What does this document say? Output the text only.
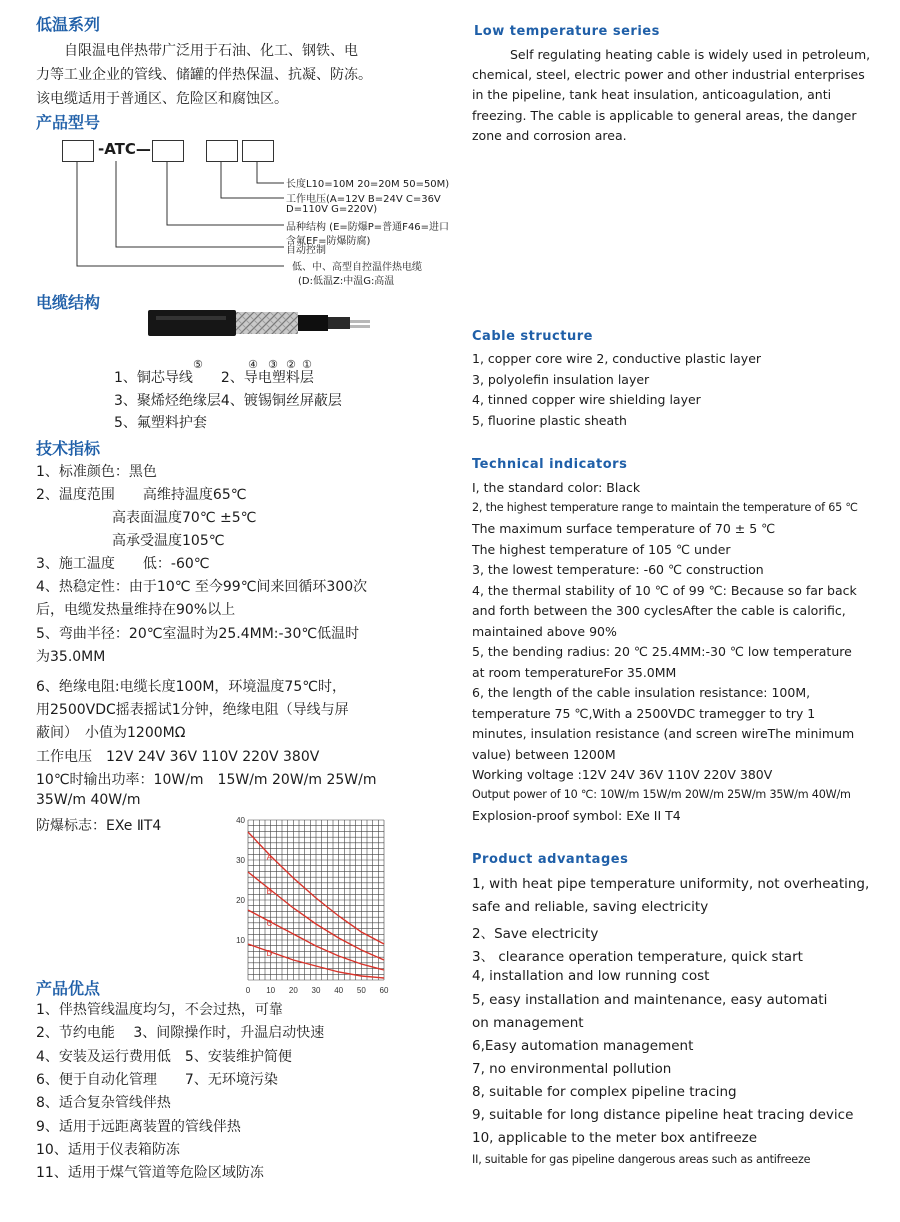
低温系列
自限温电伴热带广泛用于石油、化工、钢铁、电
力等工业企业的管线、储罐的伴热保温、抗凝、防冻。
该电缆适用于普通区、危险区和腐蚀区。
产品型号
-ATC—
长度L10=10M 20=20M 50=50M)
工作电压(A=12V B=24V C=36V
D=110V G=220V)
品种结构 (E=防爆P=普通F46=进口
含氟EF=防爆防腐)
自动控制
低、中、高型自控温伴热电缆
(D:低温Z:中温G:高温
电缆结构
⑤	④ ③ ② ①
1、铜芯导线　　2、导电塑料层
3、聚烯烃绝缘层4、镀锡铜丝屏蔽层
5、氟塑料护套
技术指标
1、标准颜色：黑色
2、温度范围　　高维持温度65℃
　　高表面温度70℃ ±5℃
　　高承受温度105℃
3、施工温度　　低：-60℃
4、热稳定性：由于10℃ 至今99℃间来回循环300次
后，电缆发热量维持在90%以上
5、弯曲半径：20℃室温时为25.4MM:-30℃低温时
为35.0MM
6、绝缘电阻:电缆长度100M，环境温度75℃时，
用2500VDC摇表摇试1分钟，绝缘电阻（导线与屏
蔽间）　小值为1200MΩ
工作电压　12V 24V 36V 110V 220V 380V
10℃时输出功率：10W/m　15W/m 20W/m 25W/m
35W/m 40W/m
防爆标志：EXe ⅡT4
0 10 20 30 40 50 60
10
20
30
40
A
B
C
D
产品优点
1、伴热管线温度均匀，不会过热，可靠
2、节约电能　 3、间隙操作时，升温启动快速
4、安装及运行费用低　5、安装维护简便
6、便于自动化管理　　7、无环境污染
8、适合复杂管线伴热
9、适用于远距离装置的管线伴热
10、适用于仪表箱防冻
11、适用于煤气管道等危险区域防冻
Low temperature series
Self regulating heating cable is widely used in petroleum,
chemical, steel, electric power and other industrial enterprises
in the pipeline, tank heat insulation, anticoagulation, anti
freezing. The cable is applicable to general areas, the danger
zone and corrosion area.
Cable structure
1, copper core wire 2, conductive plastic layer
3, polyolefin insulation layer
4, tinned copper wire shielding layer
5, fluorine plastic sheath
Technical indicators
I, the standard color: Black
2, the highest temperature range to maintain the temperature of 65 ℃
The maximum surface temperature of 70 ± 5 ℃
The highest temperature of 105 ℃ under
3, the lowest temperature: -60 ℃ construction
4, the thermal stability of 10 ℃ of 99 ℃: Because so far back
and forth between the 300 cyclesAfter the cable is calorific,
maintained above 90%
5, the bending radius: 20 ℃ 25.4MM:-30 ℃ low temperature
at room temperatureFor 35.0MM
6, the length of the cable insulation resistance: 100M,
temperature 75 ℃,With a 2500VDC tramegger to try 1
minutes, insulation resistance (and screen wireThe minimum
value) between 1200M
Working voltage :12V 24V 36V 110V 220V 380V
Output power of 10 ℃: 10W/m 15W/m 20W/m 25W/m 35W/m 40W/m
Explosion-proof symbol: EXe II T4
Product advantages
1, with heat pipe temperature uniformity, not overheating,
safe and reliable, saving electricity
2、Save electricity
3、 clearance operation temperature, quick start
4, installation and low running cost
5, easy installation and maintenance, easy automati
on management
6,Easy automation management
7, no environmental pollution
8, suitable for complex pipeline tracing
9, suitable for long distance pipeline heat tracing device
10, applicable to the meter box antifreeze
II, suitable for gas pipeline dangerous areas such as antifreeze
